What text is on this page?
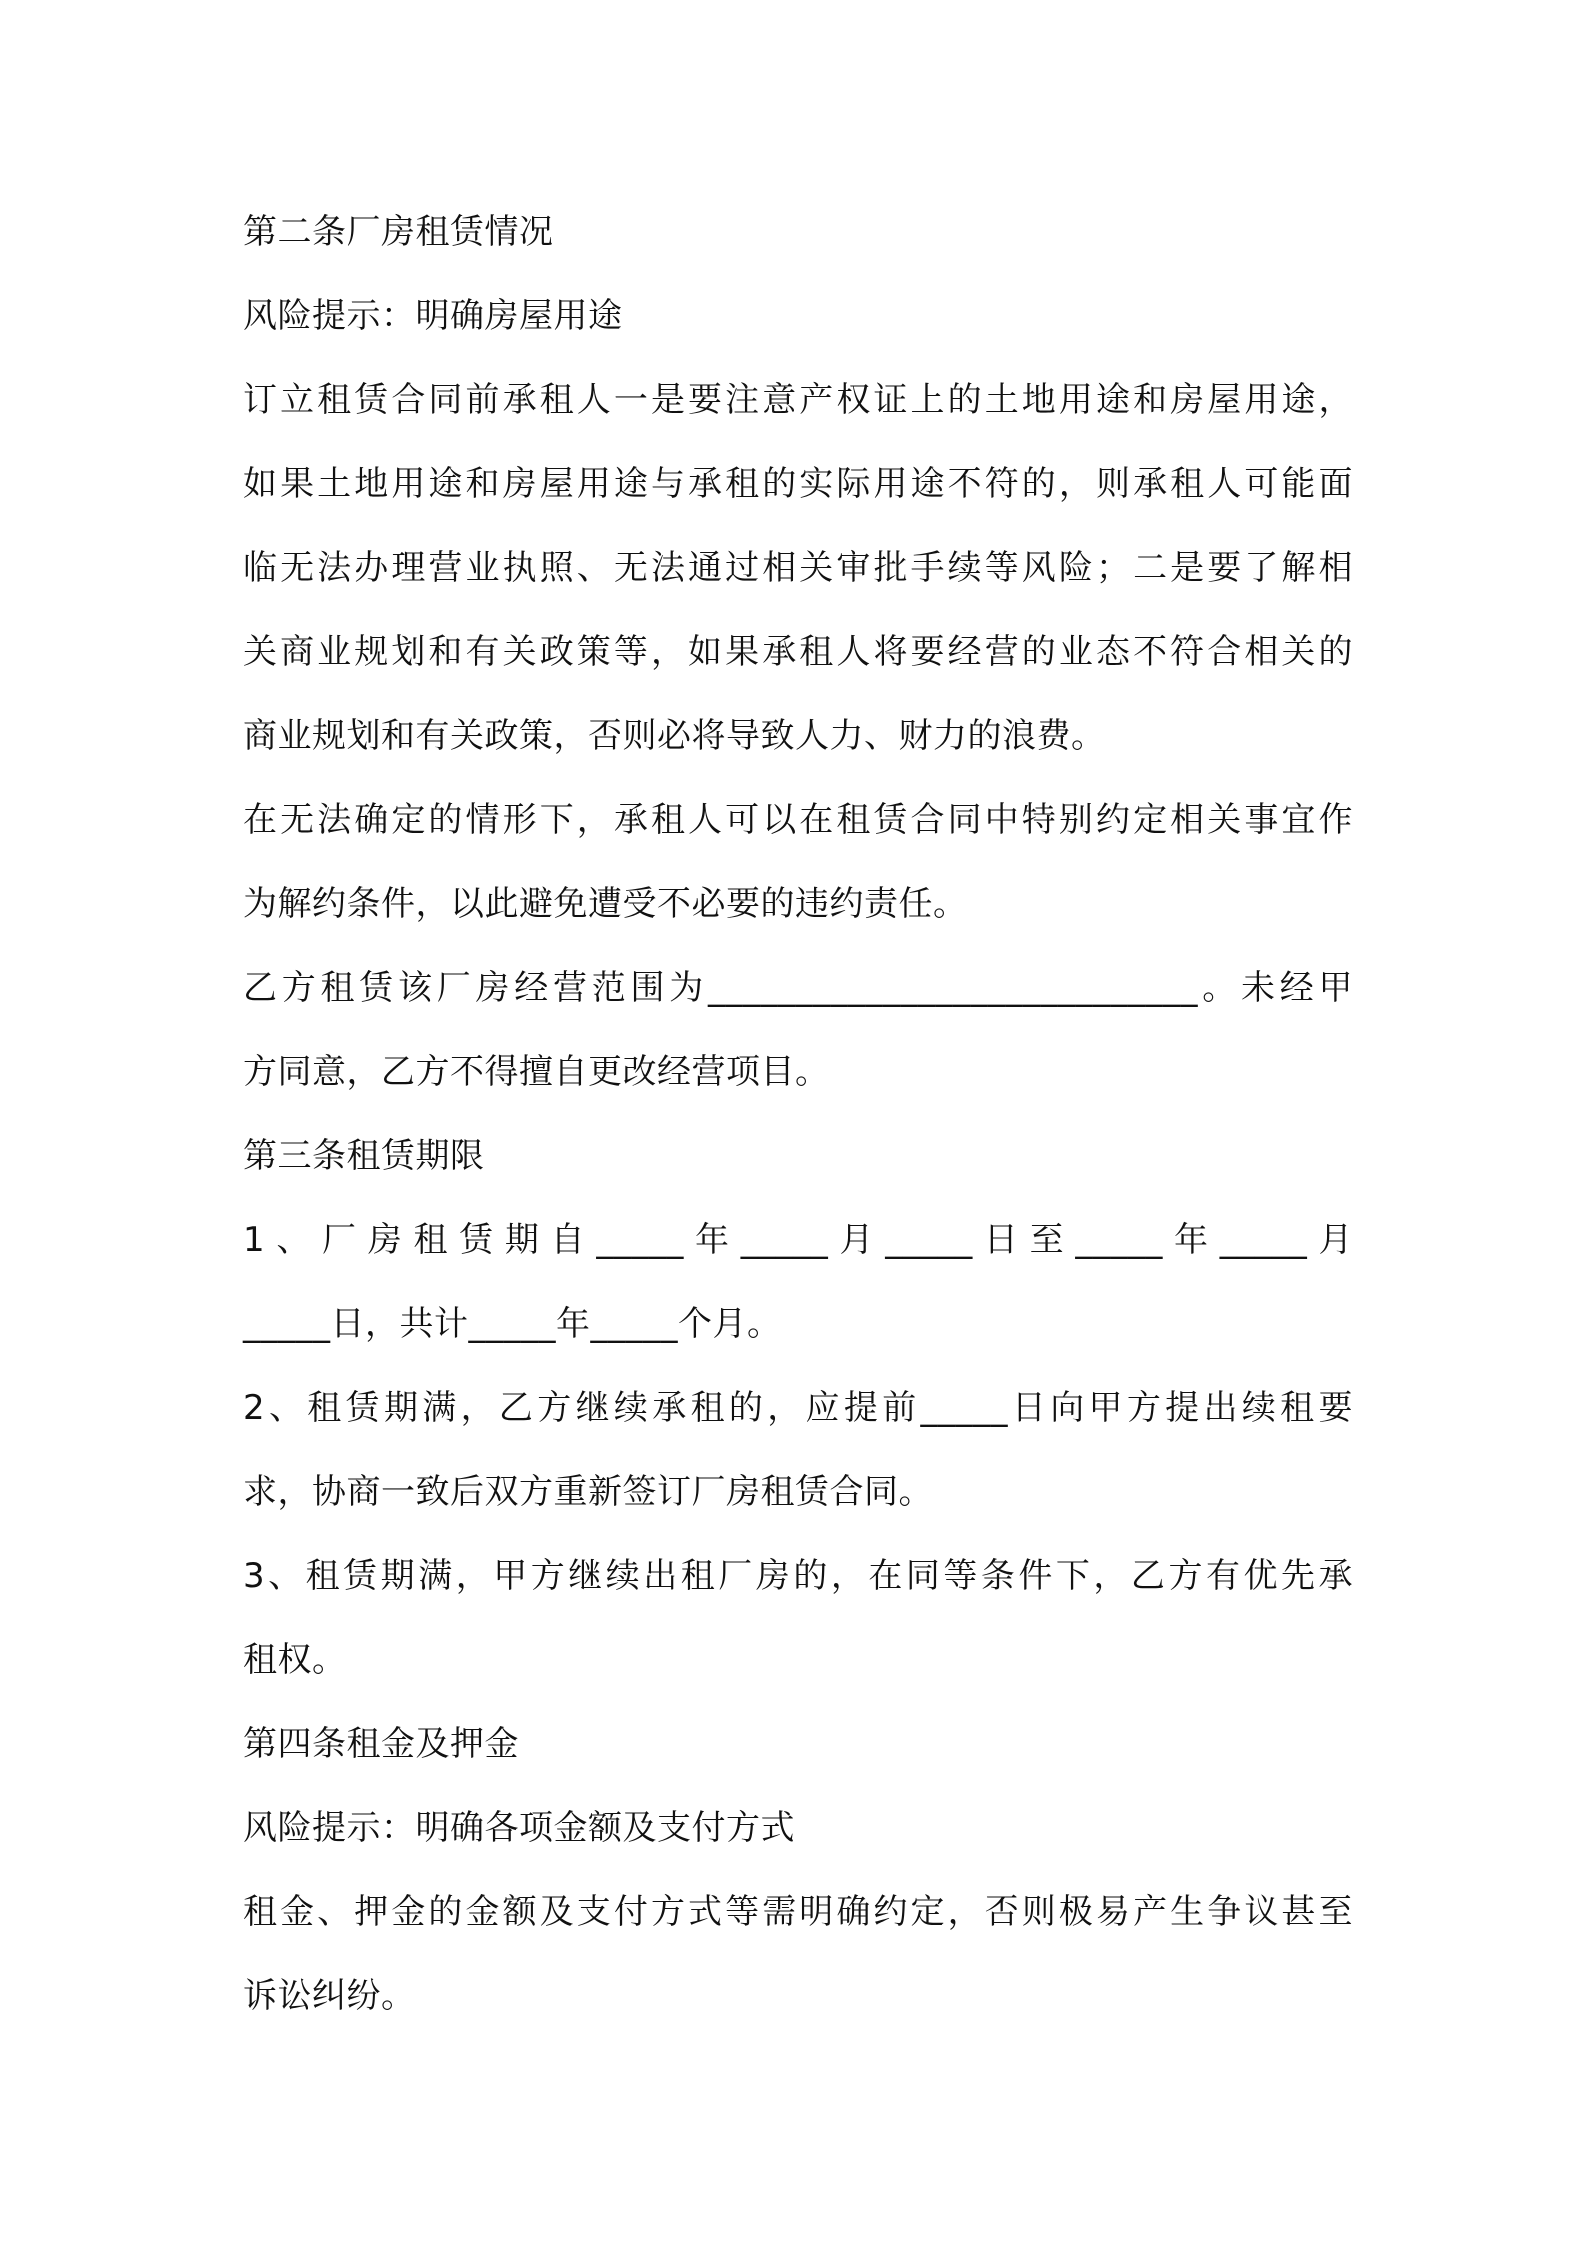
第二条厂房租赁情况
风险提示：明确房屋用途
订立租赁合同前承租人一是要注意产权证上的土地用途和房屋用途，
如果土地用途和房屋用途与承租的实际用途不符的，则承租人可能面
临无法办理营业执照、无法通过相关审批手续等风险；二是要了解相
关商业规划和有关政策等，如果承租人将要经营的业态不符合相关的
商业规划和有关政策，否则必将导致人力、财力的浪费。
在无法确定的情形下，承租人可以在租赁合同中特别约定相关事宜作
为解约条件，以此避免遭受不必要的违约责任。
乙方租赁该厂房经营范围为____________________________。未经甲
方同意，乙方不得擅自更改经营项目。
第三条租赁期限
1、厂房租赁期自_____年_____月_____日至_____年_____月
_____日，共计_____年_____个月。
2、租赁期满，乙方继续承租的，应提前_____日向甲方提出续租要
求，协商一致后双方重新签订厂房租赁合同。
3、租赁期满，甲方继续出租厂房的，在同等条件下，乙方有优先承
租权。
第四条租金及押金
风险提示：明确各项金额及支付方式
租金、押金的金额及支付方式等需明确约定，否则极易产生争议甚至
诉讼纠纷。
